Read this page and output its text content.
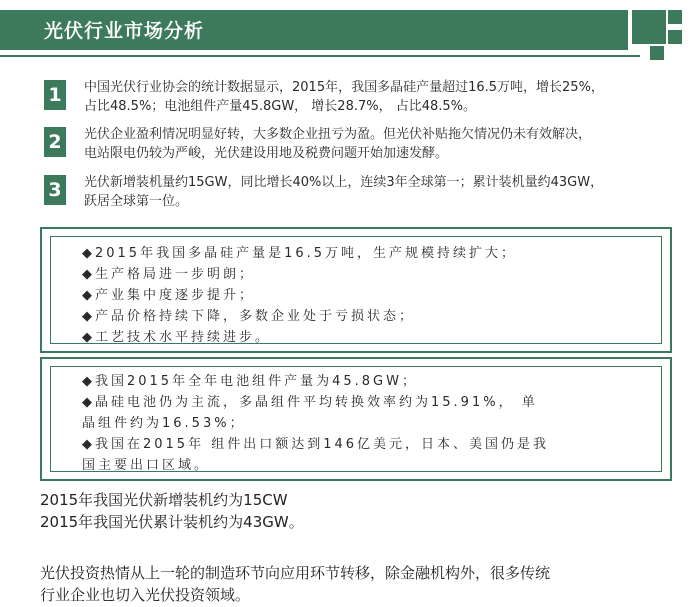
光伏行业市场分析
1	中国光伏行业协会的统计数据显示，2015年，我国多晶硅产量超过16.5万吨，增长25%，
占比48.5%；电池组件产量45.8GW， 增长28.7%， 占比48.5%。
2	光伏企业盈利情况明显好转，大多数企业扭亏为盈。但光伏补贴拖欠情况仍未有效解决，
电站限电仍较为严峻，光伏建设用地及税费问题开始加速发酵。
3	光伏新增装机量约15GW，同比增长40%以上，连续3年全球第一；累计装机量约43GW，
跃居全球第一位。
◆2015年我国多晶硅产量是16.5万吨，生产规模持续扩大；
◆生产格局进一步明朗；
◆产业集中度逐步提升；
◆产品价格持续下降，多数企业处于亏损状态；
◆工艺技术水平持续进步。
◆我国2015年全年电池组件产量为45.8GW；
◆晶硅电池仍为主流，多晶组件平均转换效率约为15.91%， 单
晶组件约为16.53%；
◆我国在2015年 组件出口额达到146亿美元，日本、美国仍是我
国主要出口区域。
2015年我国光伏新增装机约为15CW
2015年我国光伏累计装机约为43GW。
光伏投资热情从上一轮的制造环节向应用环节转移，除金融机构外，很多传统
行业企业也切入光伏投资领域。
